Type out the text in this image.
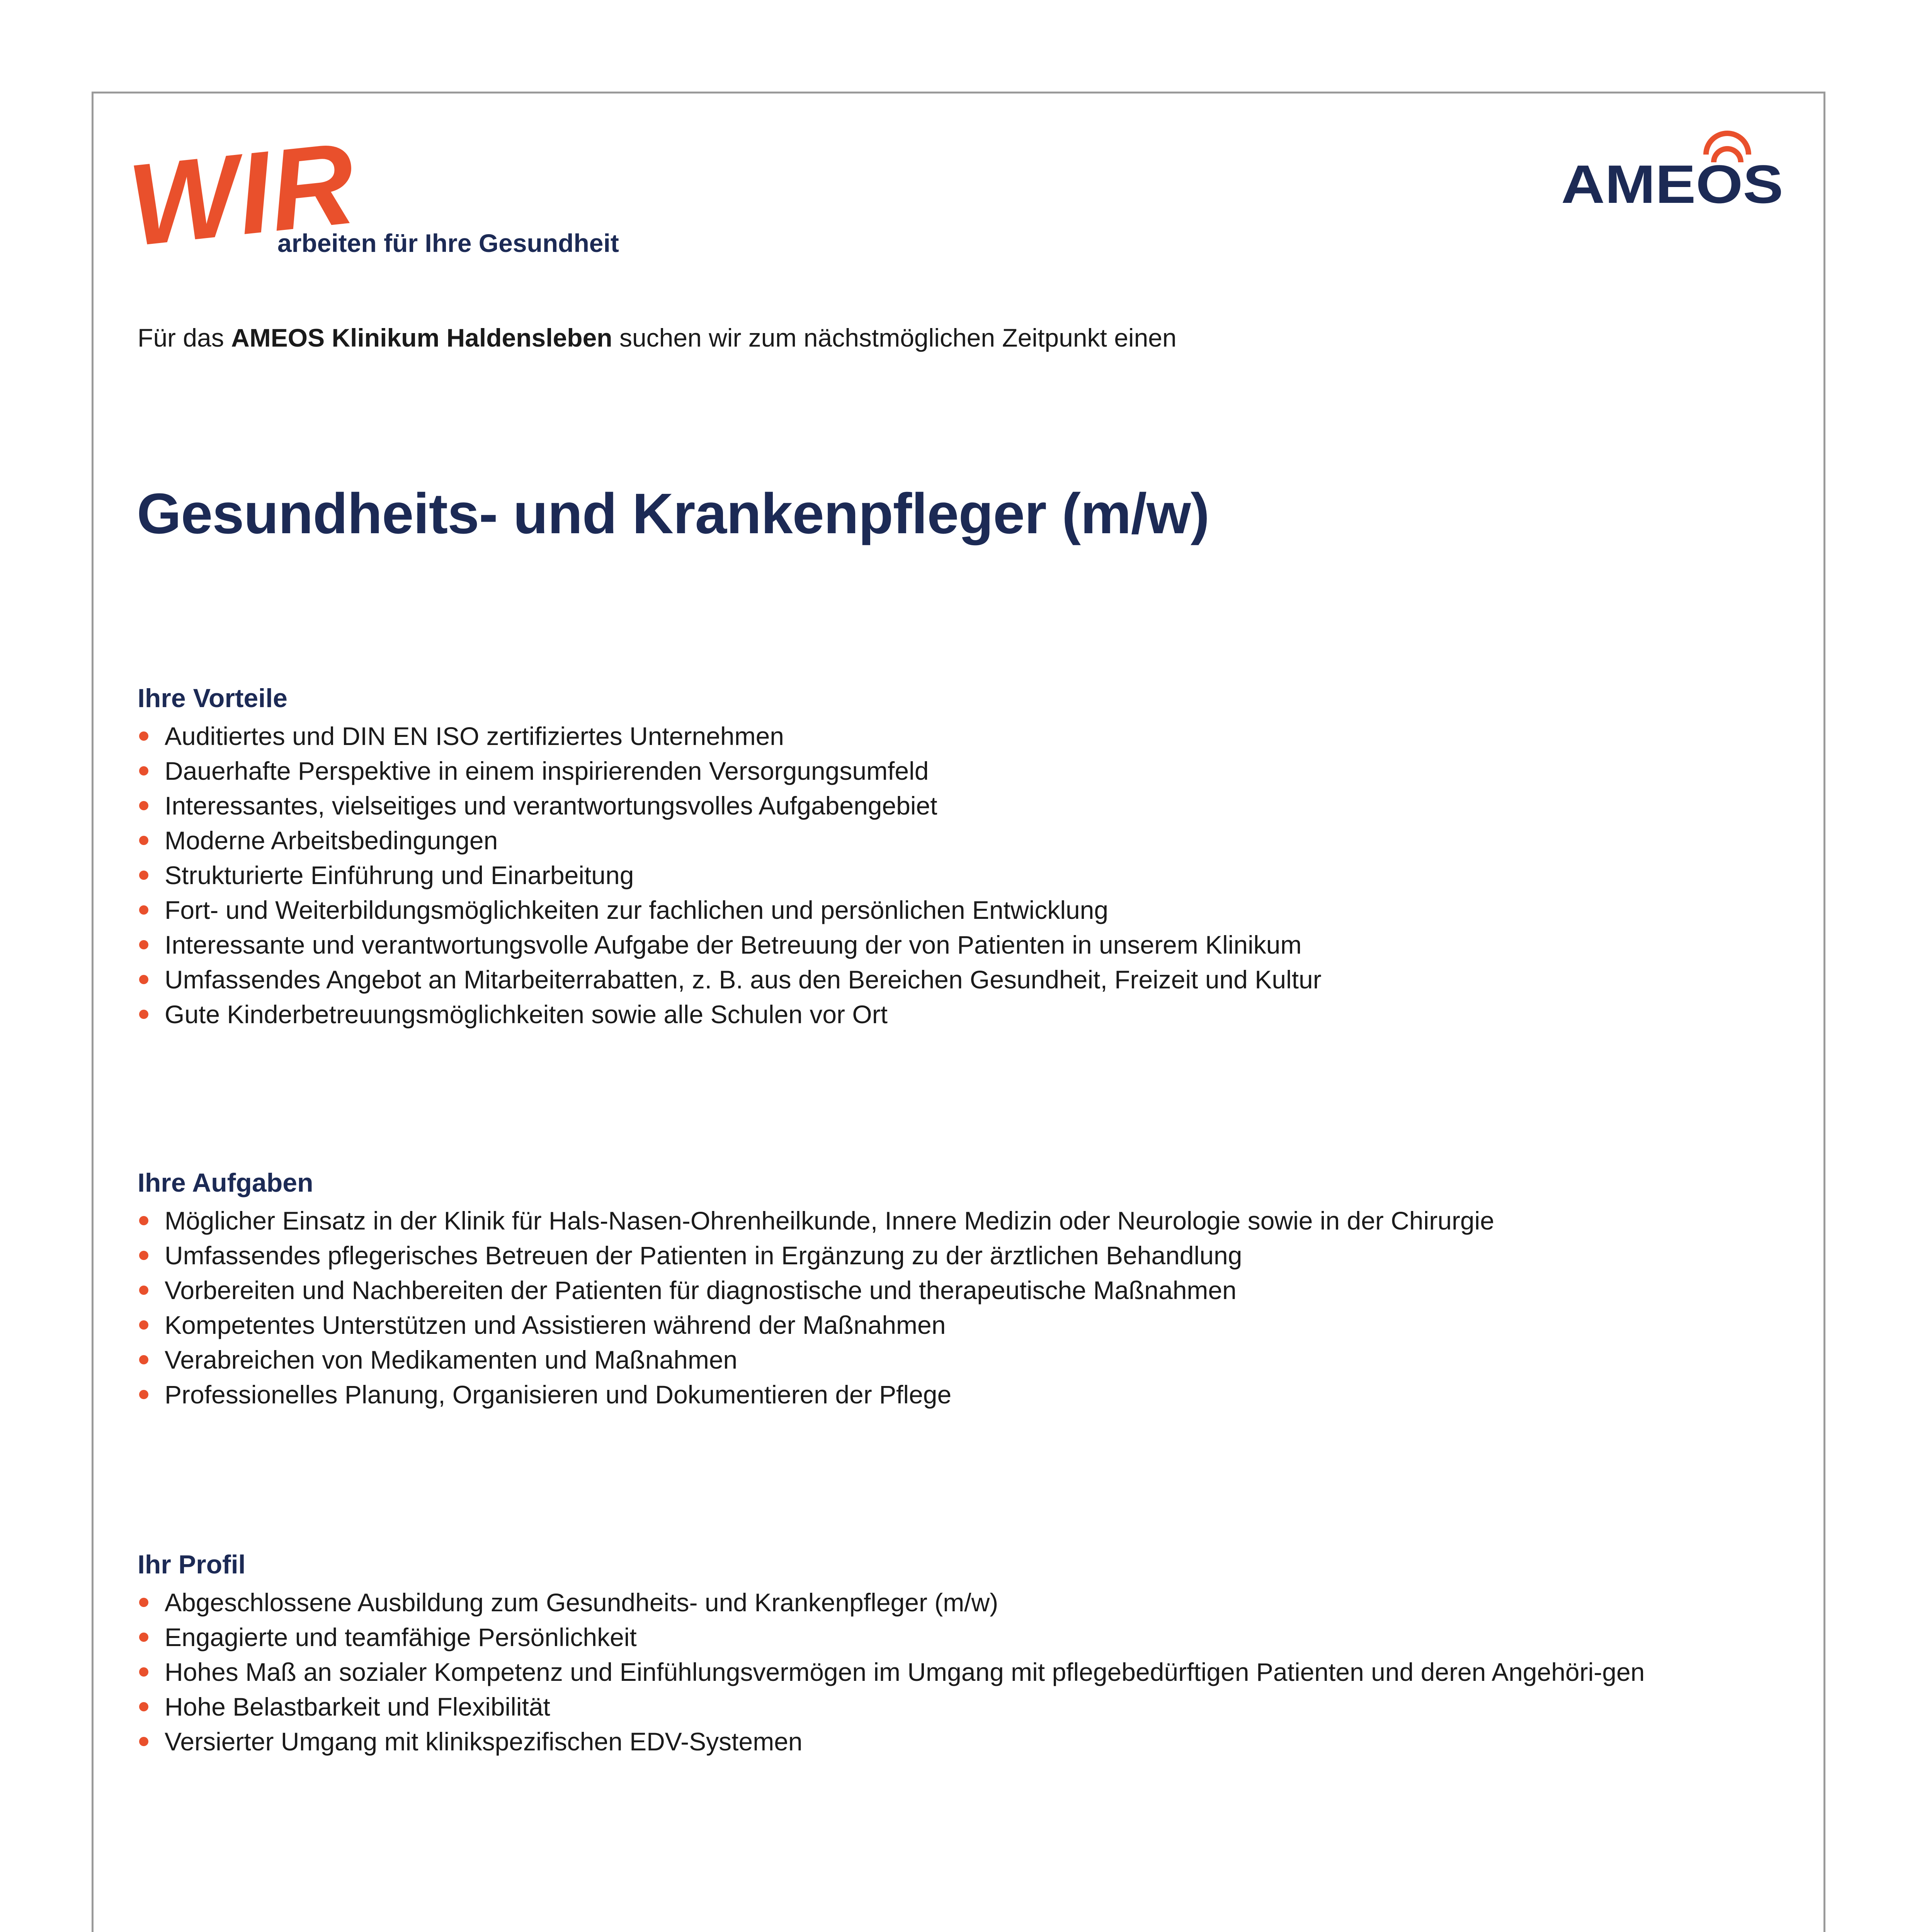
WIR
arbeiten für Ihre Gesundheit
AMEOS
Für das AMEOS Klinikum Haldensleben suchen wir zum nächstmöglichen Zeitpunkt einen
Gesundheits- und Krankenpfleger (m/w)
Ihre Vorteile
Auditiertes und DIN EN ISO zertifiziertes Unternehmen
Dauerhafte Perspektive in einem inspirierenden Versorgungsumfeld
Interessantes, vielseitiges und verantwortungsvolles Aufgabengebiet
Moderne Arbeitsbedingungen
Strukturierte Einführung und Einarbeitung
Fort- und Weiterbildungsmöglichkeiten zur fachlichen und persönlichen Entwicklung
Interessante und verantwortungsvolle Aufgabe der Betreuung der von Patienten in unserem Klinikum
Umfassendes Angebot an Mitarbeiterrabatten, z. B. aus den Bereichen Gesundheit, Freizeit und Kultur
Gute Kinderbetreuungsmöglichkeiten sowie alle Schulen vor Ort
Ihre Aufgaben
Möglicher Einsatz in der Klinik für Hals-Nasen-Ohrenheilkunde, Innere Medizin oder Neurologie sowie in der Chirurgie
Umfassendes pflegerisches Betreuen der Patienten in Ergänzung zu der ärztlichen Behandlung
Vorbereiten und Nachbereiten der Patienten für diagnostische und therapeutische Maßnahmen
Kompetentes Unterstützen und Assistieren während der Maßnahmen
Verabreichen von Medikamenten und Maßnahmen
Professionelles Planung, Organisieren und Dokumentieren der Pflege
Ihr Profil
Abgeschlossene Ausbildung zum Gesundheits- und Krankenpfleger (m/w)
Engagierte und teamfähige Persönlichkeit
Hohes Maß an sozialer Kompetenz und Einfühlungsvermögen im Umgang mit pflegebedürftigen Patienten und deren Angehöri-gen
Hohe Belastbarkeit und Flexibilität
Versierter Umgang mit klinikspezifischen EDV-Systemen
